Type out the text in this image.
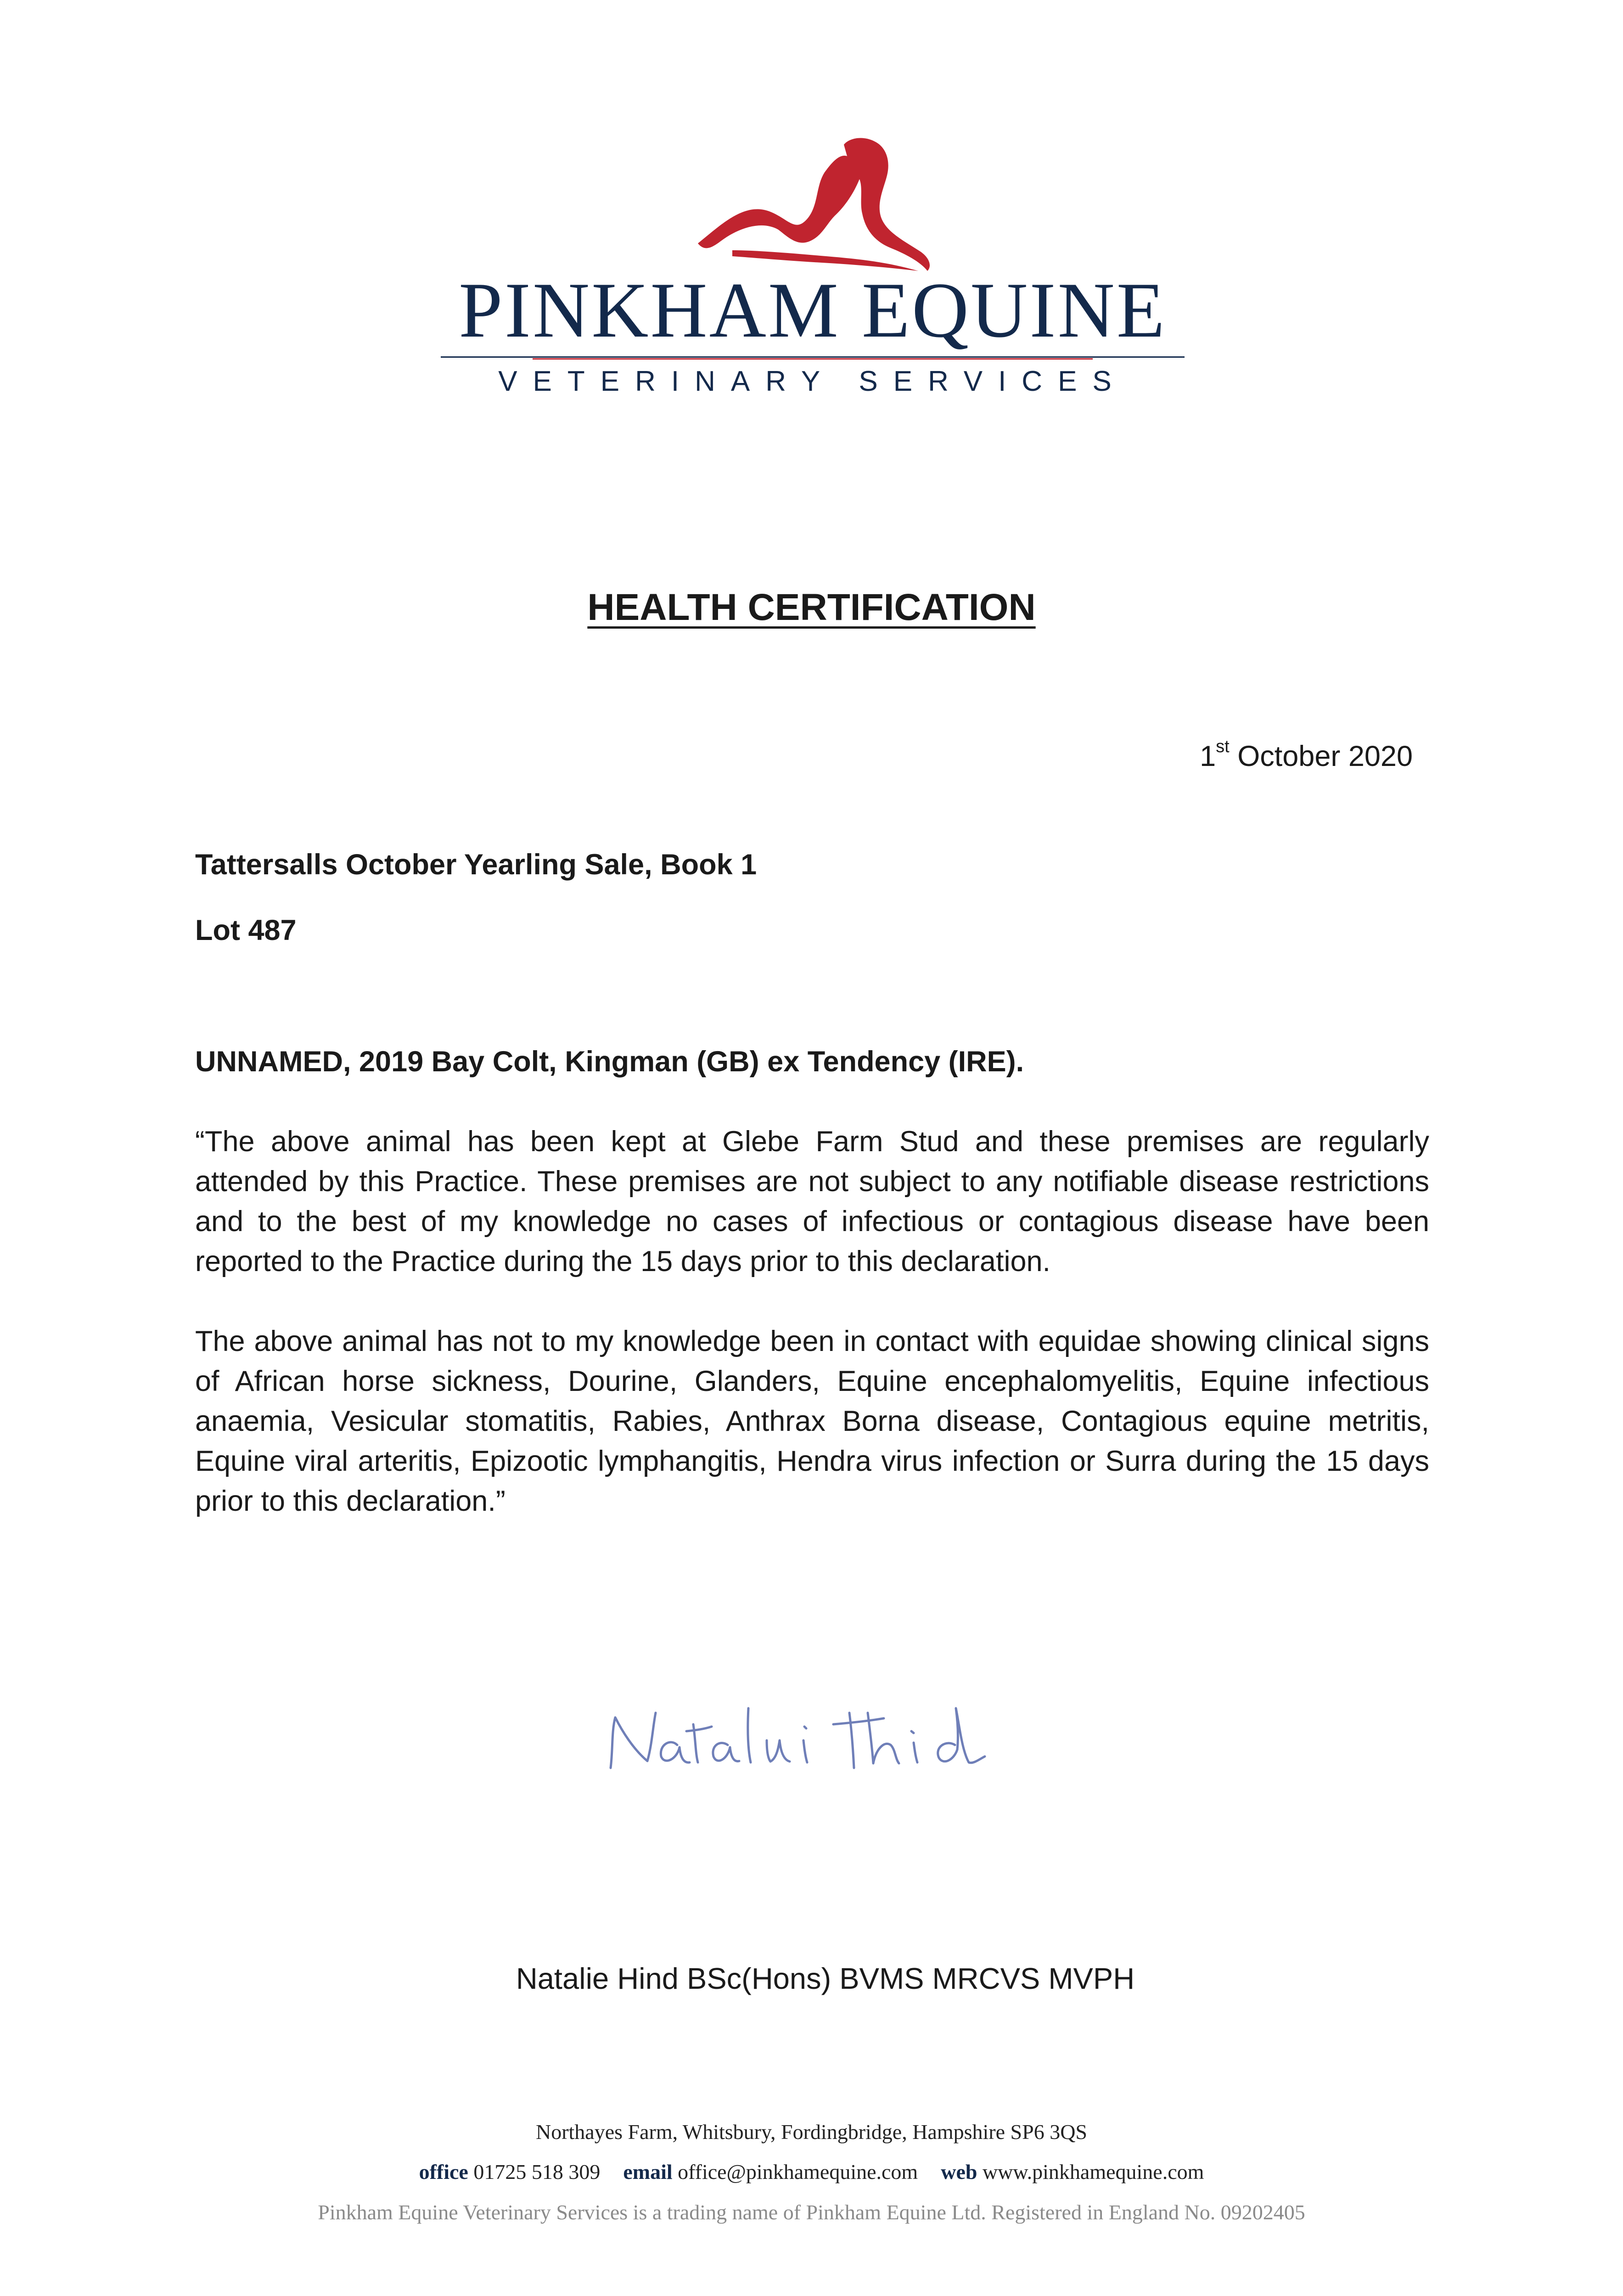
PINKHAM EQUINE
VETERINARY SERVICES
HEALTH CERTIFICATION
1st October 2020
Tattersalls October Yearling Sale, Book 1
Lot 487
UNNAMED, 2019 Bay Colt, Kingman (GB) ex Tendency (IRE).
“The above animal has been kept at Glebe Farm Stud and these premises are regularly attended by this Practice. These premises are not subject to any notifiable disease restrictions and to the best of my knowledge no cases of infectious or contagious disease have been reported to the Practice during the 15 days prior to this declaration.
The above animal has not to my knowledge been in contact with equidae showing clinical signs of African horse sickness, Dourine, Glanders, Equine encephalomyelitis, Equine infectious anaemia, Vesicular stomatitis, Rabies, Anthrax Borna disease, Contagious equine metritis, Equine viral arteritis, Epizootic lymphangitis, Hendra virus infection or Surra during the 15 days prior to this declaration.”
Natalie Hind BSc(Hons) BVMS MRCVS MVPH
Northayes Farm, Whitsbury, Fordingbridge, Hampshire SP6 3QS
office 01725 518 309 email office@pinkhamequine.com web www.pinkhamequine.com
Pinkham Equine Veterinary Services is a trading name of Pinkham Equine Ltd. Registered in England No. 09202405
